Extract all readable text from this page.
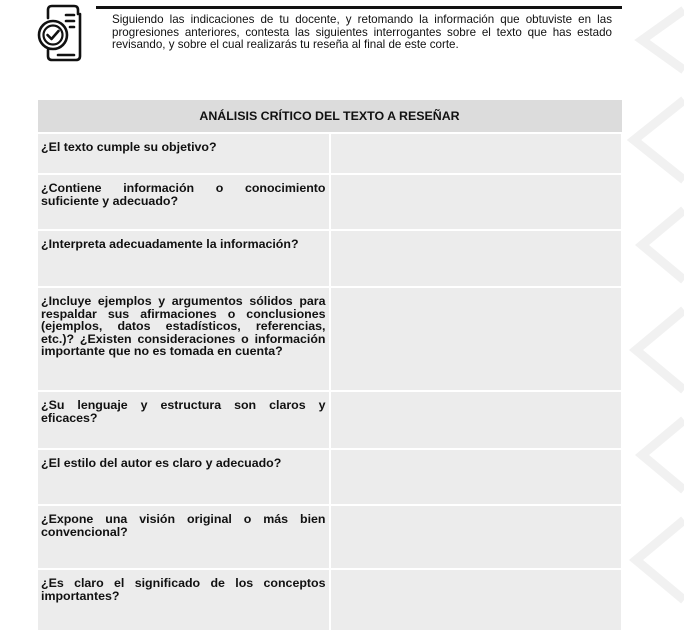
Siguiendo las indicaciones de tu docente, y retomando la información que obtuviste en las progresiones anteriores, contesta las siguientes interrogantes sobre el texto que has estado revisando, y sobre el cual realizarás tu reseña al final de este corte.
ANÁLISIS CRÍTICO DEL TEXTO A RESEÑAR	
¿El texto cumple su objetivo?	
¿Contiene información o conocimiento suficiente y adecuado?	
¿Interpreta adecuadamente la información?	
¿Incluye ejemplos y argumentos sólidos para respaldar sus afirmaciones o conclusiones (ejemplos, datos estadísticos, referencias, etc.)? ¿Existen consideraciones o información importante que no es tomada en cuenta?	
¿Su lenguaje y estructura son claros y eficaces?	
¿El estilo del autor es claro y adecuado?	
¿Expone una visión original o más bien convencional?	
¿Es claro el significado de los conceptos importantes?	
